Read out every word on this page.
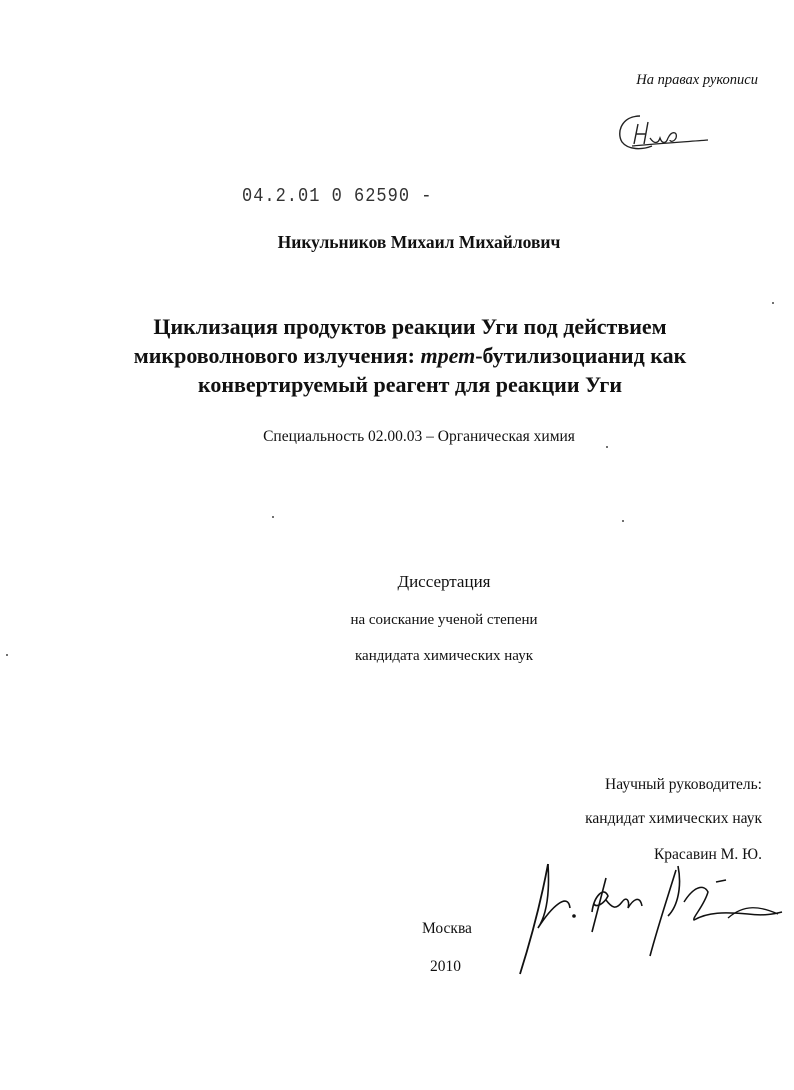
На правах рукописи
04.2.01 0 62590 -
Никульников Михаил Михайлович
Циклизация продуктов реакции Уги под действием
микроволнового излучения: трет-бутилизоцианид как
конвертируемый реагент для реакции Уги
Специальность 02.00.03 – Органическая химия
Диссертация
на соискание ученой степени
кандидата химических наук
Научный руководитель:
кандидат химических наук
Красавин М. Ю.
Москва
2010
